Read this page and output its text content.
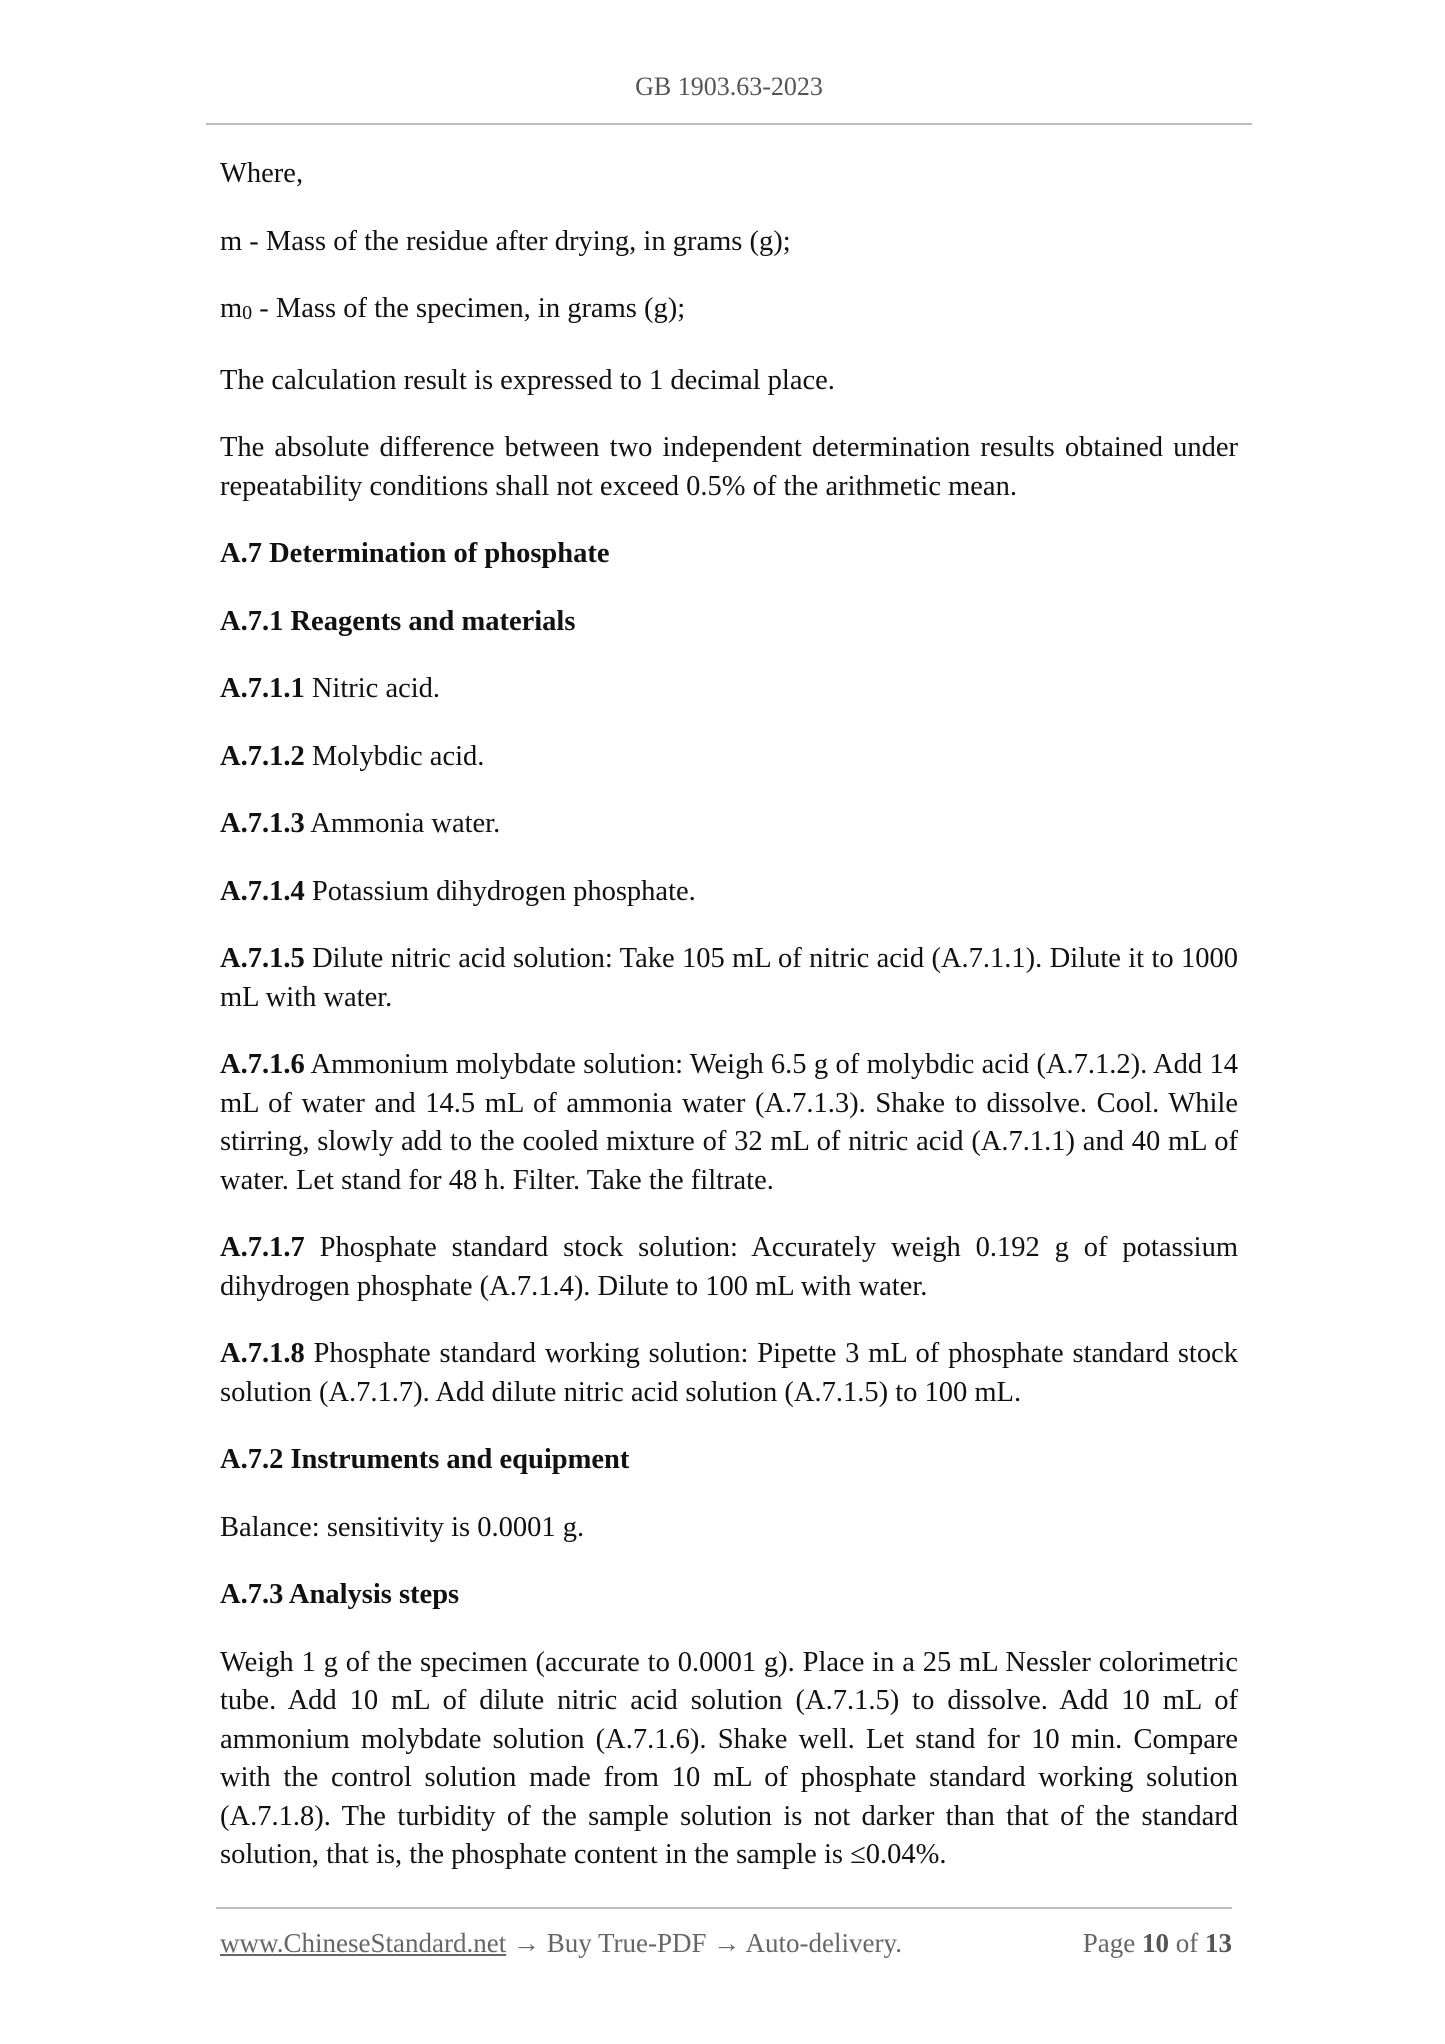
GB 1903.63-2023

Where,

m - Mass of the residue after drying, in grams (g);

m0 - Mass of the specimen, in grams (g);

The calculation result is expressed to 1 decimal place.

The absolute difference between two independent determination results obtained under repeatability conditions shall not exceed 0.5% of the arithmetic mean.

A.7 Determination of phosphate

A.7.1 Reagents and materials

A.7.1.1 Nitric acid.

A.7.1.2 Molybdic acid.

A.7.1.3 Ammonia water.

A.7.1.4 Potassium dihydrogen phosphate.

A.7.1.5 Dilute nitric acid solution: Take 105 mL of nitric acid (A.7.1.1). Dilute it to 1000 mL with water.

A.7.1.6 Ammonium molybdate solution: Weigh 6.5 g of molybdic acid (A.7.1.2). Add 14 mL of water and 14.5 mL of ammonia water (A.7.1.3). Shake to dissolve. Cool. While stirring, slowly add to the cooled mixture of 32 mL of nitric acid (A.7.1.1) and 40 mL of water. Let stand for 48 h. Filter. Take the filtrate.

A.7.1.7 Phosphate standard stock solution: Accurately weigh 0.192 g of potassium dihydrogen phosphate (A.7.1.4). Dilute to 100 mL with water.

A.7.1.8 Phosphate standard working solution: Pipette 3 mL of phosphate standard stock solution (A.7.1.7). Add dilute nitric acid solution (A.7.1.5) to 100 mL.

A.7.2 Instruments and equipment

Balance: sensitivity is 0.0001 g.

A.7.3 Analysis steps

Weigh 1 g of the specimen (accurate to 0.0001 g). Place in a 25 mL Nessler colorimetric tube. Add 10 mL of dilute nitric acid solution (A.7.1.5) to dissolve. Add 10 mL of ammonium molybdate solution (A.7.1.6). Shake well. Let stand for 10 min. Compare with the control solution made from 10 mL of phosphate standard working solution (A.7.1.8). The turbidity of the sample solution is not darker than that of the standard solution, that is, the phosphate content in the sample is ≤0.04%.

www.ChineseStandard.net → Buy True-PDF → Auto-delivery.	Page 10 of 13
